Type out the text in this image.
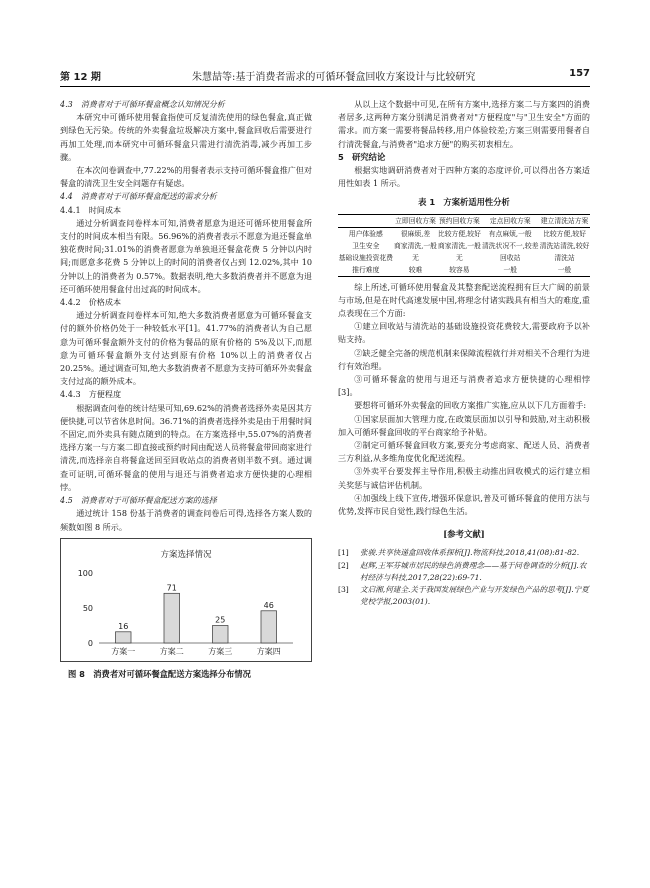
第 12 期	朱慧喆等:基于消费者需求的可循环餐盒回收方案设计与比较研究	157
4.3　消费者对于可循环餐盒概念认知情况分析
本研究中可循环使用餐盒指使可反复清洗使用的绿色餐盒,真正做到绿色无污染。传统的外卖餐盒垃圾解决方案中,餐盒回收后需要进行再加工处理,而本研究中可循环餐盒只需进行清洗消毒,减少再加工步骤。
在本次问卷调查中,77.22%的用餐者表示支持可循环餐盒推广但对餐盒的清洗卫生安全问题存有疑虑。
4.4　消费者对于可循环餐盒配送的需求分析
4.4.1　时间成本
通过分析调查问卷样本可知,消费者愿意为退还可循环使用餐盒所支付的时间成本相当有限。56.96%的消费者表示不愿意为退还餐盒单独花费时间;31.01%的消费者愿意为单独退还餐盒花费 5 分钟以内时间;而愿意多花费 5 分钟以上的时间的消费者仅占到 12.02%,其中 10 分钟以上的消费者为 0.57%。数据表明,绝大多数消费者并不愿意为退还可循环使用餐盒付出过高的时间成本。
4.4.2　价格成本
通过分析调查问卷样本可知,绝大多数消费者愿意为可循环餐盒支付的额外价格仍处于一种较低水平[1]。41.77%的消费者认为自己愿意为可循环餐盒额外支付的价格为餐品的原有价格的 5%及以下,而愿意为可循环餐盒额外支付达到原有价格 10%以上的消费者仅占 20.25%。通过调查可知,绝大多数消费者不愿意为支持可循环外卖餐盒支付过高的额外成本。
4.4.3　方便程度
根据调查问卷的统计结果可知,69.62%的消费者选择外卖是因其方便快捷,可以节省休息时间。36.71%的消费者选择外卖是由于用餐时间不固定,而外卖具有随点随到的特点。在方案选择中,55.07%的消费者选择方案一与方案二即直接或预约时间由配送人员将餐盒带回商家进行清洗,而选择亲自将餐盒送回至回收站点的消费者则半数不到。通过调查可证明,可循环餐盒的使用与退还与消费者追求方便快捷的心理相悖。
4.5　消费者对于可循环餐盒配送方案的选择
通过统计 158 份基于消费者的调查问卷后可得,选择各方案人数的频数如图 8 所示。
方案选择情况
0
50
100
16
方案一
71
方案二
25
方案三
46
方案四
图 8　消费者对可循环餐盒配送方案选择分布情况
从以上这个数据中可见,在所有方案中,选择方案二与方案四的消费者居多,这两种方案分别满足消费者对"方便程度"与"卫生安全"方面的需求。而方案一需要将餐品转移,用户体验较差;方案三则需要用餐者自行清洗餐盒,与消费者"追求方便"的购买初衷相左。
5　研究结论
根据实地调研消费者对于四种方案的态度评价,可以得出各方案适用性如表 1 所示。
表 1　方案析适用性分析
	立即回收方案	预约回收方案	定点回收方案	建立清洗站方案
用户体验感	很麻烦,差	比较方便,较好	有点麻烦,一般	比较方便,较好
卫生安全	商家清洗,一般	商家清洗,一般	清洗状况不一,较差	清洗站清洗,较好
基础设施投资花费	无	无	回收站	清洗站
推行难度	较难	较容易	一般	一般
综上所述,可循环使用餐盒及其整套配送流程拥有巨大广阔的前景与市场,但是在时代高速发展中国,将理念付诸实践具有相当大的难度,重点表现在三个方面:
①建立回收站与清洗站的基础设施投资花费较大,需要政府予以补贴支持。
②缺乏健全完备的规范机制来保障流程就行并对相关不合理行为进行有效治理。
③可循环餐盒的使用与退还与消费者追求方便快捷的心理相悖[3]。
要想将可循环外卖餐盒的回收方案推广实施,应从以下几方面着手:
①国家层面加大管理力度,在政策层面加以引导和鼓励,对主动积极加入可循环餐盒回收的平台商家给予补贴。
②制定可循环餐盒回收方案,要充分考虑商家、配送人员、消费者三方利益,从多维角度优化配送流程。
③外卖平台要发挥主导作用,积极主动推出回收模式的运行建立相关奖惩与诚信评估机制。
④加强线上线下宣传,增强环保意识,普及可循环餐盒的使用方法与优势,发挥市民自觉性,践行绿色生活。
[参考文献]
[1] 张骏.共享快递盒回收体系探析[J].物流科技,2018,41(08):81-82.
[2] 赵辉,王军芬城市居民的绿色消费理念——基于问卷调查的分析[J].农村经济与科技,2017,28(22):69-71.
[3] 文启湘,何建全.关于我国发展绿色产业与开发绿色产品的思考[J].宁夏党校学报,2003(01).
